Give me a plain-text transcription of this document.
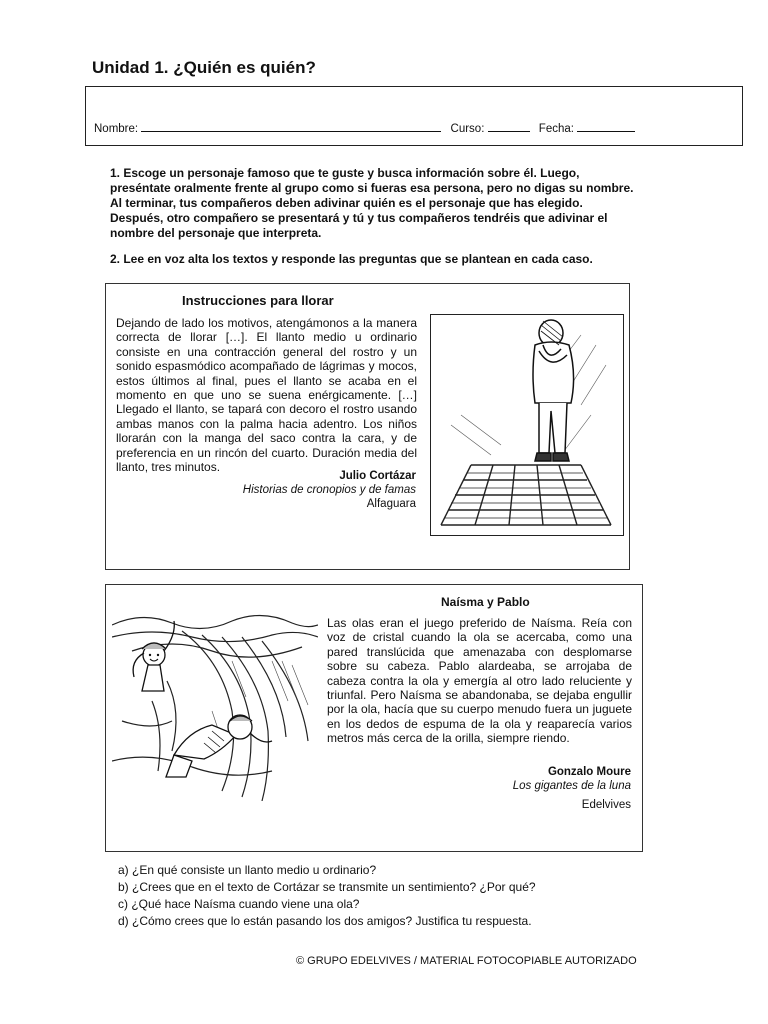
Unidad 1. ¿Quién es quién?
Nombre:	Curso:	Fecha:

1. Escoge un personaje famoso que te guste y busca información sobre él. Luego, preséntate oralmente frente al grupo como si fueras esa persona, pero no digas su nombre. Al terminar, tus compañeros deben adivinar quién es el personaje que has elegido. Después, otro compañero se presentará y tú y tus compañeros tendréis que adivinar el nombre del personaje que interpreta.

2. Lee en voz alta los textos y responde las preguntas que se plantean en cada caso.

Instrucciones para llorar

Dejando de lado los motivos, atengámonos a la manera correcta de llorar […]. El llanto medio u ordinario consiste en una contracción general del rostro y un sonido espasmódico acompañado de lágrimas y mocos, estos últimos al final, pues el llanto se acaba en el momento en que uno se suena enérgicamente. […] Llegado el llanto, se tapará con decoro el rostro usando ambas manos con la palma hacia adentro. Los niños llorarán con la manga del saco contra la cara, y de preferencia en un rincón del cuarto. Duración media del llanto, tres minutos.

Julio Cortázar
Historias de cronopios y de famas
Alfaguara
Naísma y Pablo

Las olas eran el juego preferido de Naísma. Reía con voz de cristal cuando la ola se acercaba, como una pared translúcida que amenazaba con desplomarse sobre su cabeza. Pablo alardeaba, se arrojaba de cabeza contra la ola y emergía al otro lado reluciente y triunfal. Pero Naísma se abandonaba, se dejaba engullir por la ola, hacía que su cuerpo menudo fuera un juguete en los dedos de espuma de la ola y reaparecía varios metros más cerca de la orilla, siempre riendo.

Gonzalo Moure
Los gigantes de la luna
Edelvives
a) ¿En qué consiste un llanto medio u ordinario?
b) ¿Crees que en el texto de Cortázar se transmite un sentimiento? ¿Por qué?
c) ¿Qué hace Naísma cuando viene una ola?
d) ¿Cómo crees que lo están pasando los dos amigos? Justifica tu respuesta.
© GRUPO EDELVIVES / MATERIAL FOTOCOPIABLE AUTORIZADO
